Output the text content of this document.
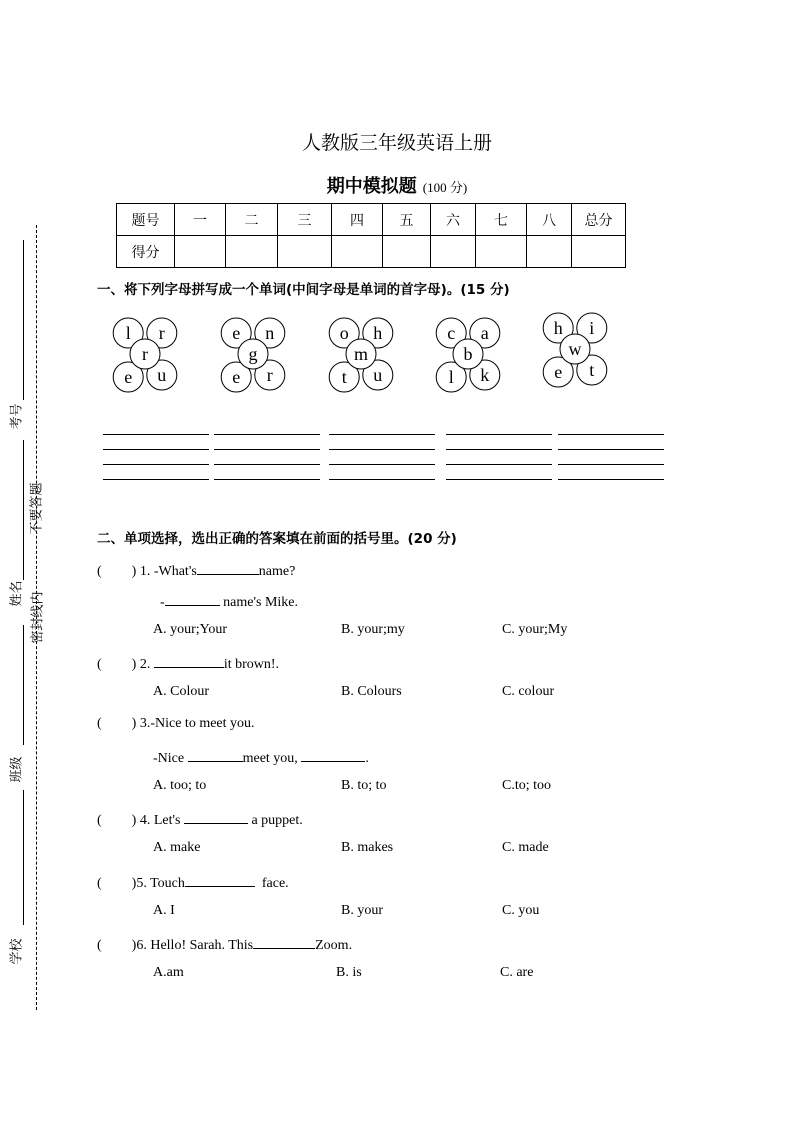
考号
不要答题
姓名 密封线内
班级
学校
人教版三年级英语上册
期中模拟题 (100 分)
题号	一	二	三	四	五	六	七	八	总分
得分									
一、将下列字母拼写成一个单词(中间字母是单词的首字母)。(15 分)
l r
e u
r
e n
e r
g
o h
t u
m
c a
l k
b
h i
e t
w
二、单项选择，选出正确的答案填在前面的括号里。(20 分)
( ) 1. -What's	name?
-	name's Mike.
A. your;Your	B. your;my	C. your;My
( ) 2.	it brown!.
A. Colour	B. Colours	C. colour
( ) 3.-Nice to meet you.
-Nice	meet you,	.
A. too; to	B. to; to	C.to; too
( ) 4. Let's	a puppet.
A. make	B. makes	C. made
( )5. Touch	face.
A. I	B. your	C. you
( )6. Hello! Sarah. This	Zoom.
A.am	B. is	C. are
